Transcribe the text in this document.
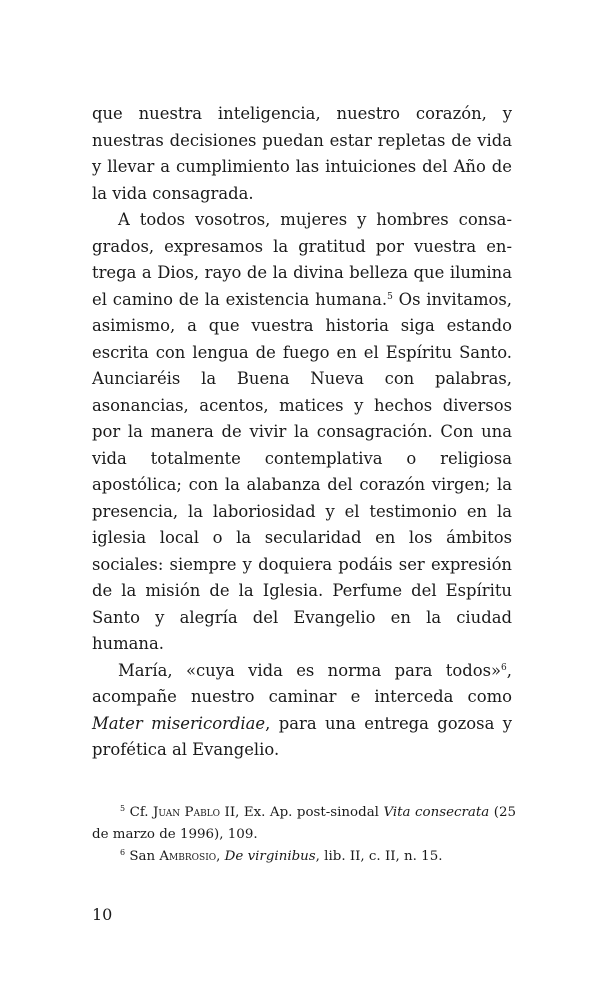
que nuestra inteligencia, nuestro corazón, y nuestras decisiones puedan estar repletas de vida y llevar a cumplimiento las intuiciones del Año de la vida consagrada.

A todos vosotros, mujeres y hombres consagrados, expresamos la gratitud por vuestra entrega a Dios, rayo de la divina belleza que ilumina el camino de la existencia humana.$^5$ Os invitamos, asimismo, a que vuestra historia siga estando escrita con lengua de fuego en el Espíritu Santo. Aunciaréis la Buena Nueva con palabras, asonancias, acentos, matices y hechos diversos por la manera de vivir la consagración. Con una vida totalmente contemplativa o religiosa apostólica; con la alabanza del corazón virgen; la presencia, la laboriosidad y el testimonio en la iglesia local o la secularidad en los ámbitos sociales: siempre y doquiera podáis ser expresión de la misión de la Iglesia. Perfume del Espíritu Santo y alegría del Evangelio en la ciudad humana.

María, «cuya vida es norma para todos»$^6$, acompañe nuestro caminar e interceda como Mater misericordiae, para una entrega gozosa y profética al Evangelio.

$^5$ Cf. Juan Pablo II, Ex. Ap. post-sinodal Vita consecrata (25 de marzo de 1996), 109.

$^6$ San Ambrosio, De virginibus, lib. II, c. II, n. 15.

10
